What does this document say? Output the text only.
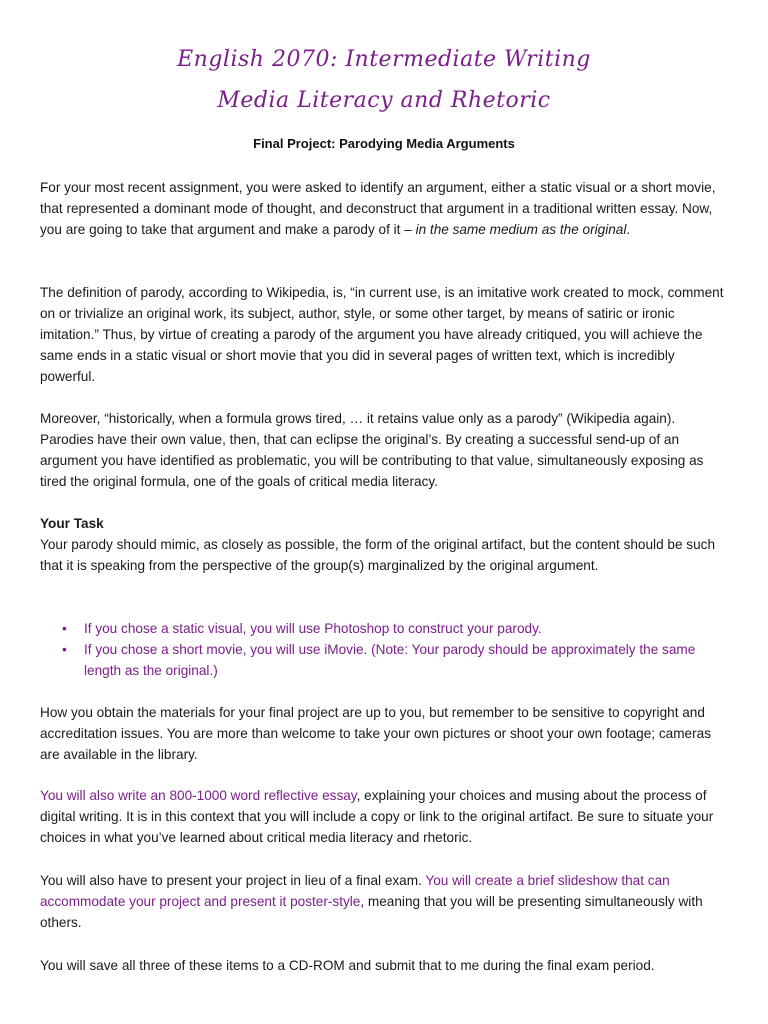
English 2070: Intermediate Writing
Media Literacy and Rhetoric
Final Project: Parodying Media Arguments

For your most recent assignment, you were asked to identify an argument, either a static visual or a short movie, that represented a dominant mode of thought, and deconstruct that argument in a traditional written essay. Now, you are going to take that argument and make a parody of it – in the same medium as the original.

The definition of parody, according to Wikipedia, is, “in current use, is an imitative work created to mock, comment on or trivialize an original work, its subject, author, style, or some other target, by means of satiric or ironic imitation.” Thus, by virtue of creating a parody of the argument you have already critiqued, you will achieve the same ends in a static visual or short movie that you did in several pages of written text, which is incredibly powerful.

Moreover, “historically, when a formula grows tired, … it retains value only as a parody” (Wikipedia again). Parodies have their own value, then, that can eclipse the original’s. By creating a successful send-up of an argument you have identified as problematic, you will be contributing to that value, simultaneously exposing as tired the original formula, one of the goals of critical media literacy.

Your Task

Your parody should mimic, as closely as possible, the form of the original artifact, but the content should be such that it is speaking from the perspective of the group(s) marginalized by the original argument.

• If you chose a static visual, you will use Photoshop to construct your parody.
• If you chose a short movie, you will use iMovie. (Note: Your parody should be approximately the same length as the original.)

How you obtain the materials for your final project are up to you, but remember to be sensitive to copyright and accreditation issues. You are more than welcome to take your own pictures or shoot your own footage; cameras are available in the library.

You will also write an 800-1000 word reflective essay, explaining your choices and musing about the process of digital writing. It is in this context that you will include a copy or link to the original artifact. Be sure to situate your choices in what you’ve learned about critical media literacy and rhetoric.

You will also have to present your project in lieu of a final exam. You will create a brief slideshow that can accommodate your project and present it poster-style, meaning that you will be presenting simultaneously with others.

You will save all three of these items to a CD-ROM and submit that to me during the final exam period.
